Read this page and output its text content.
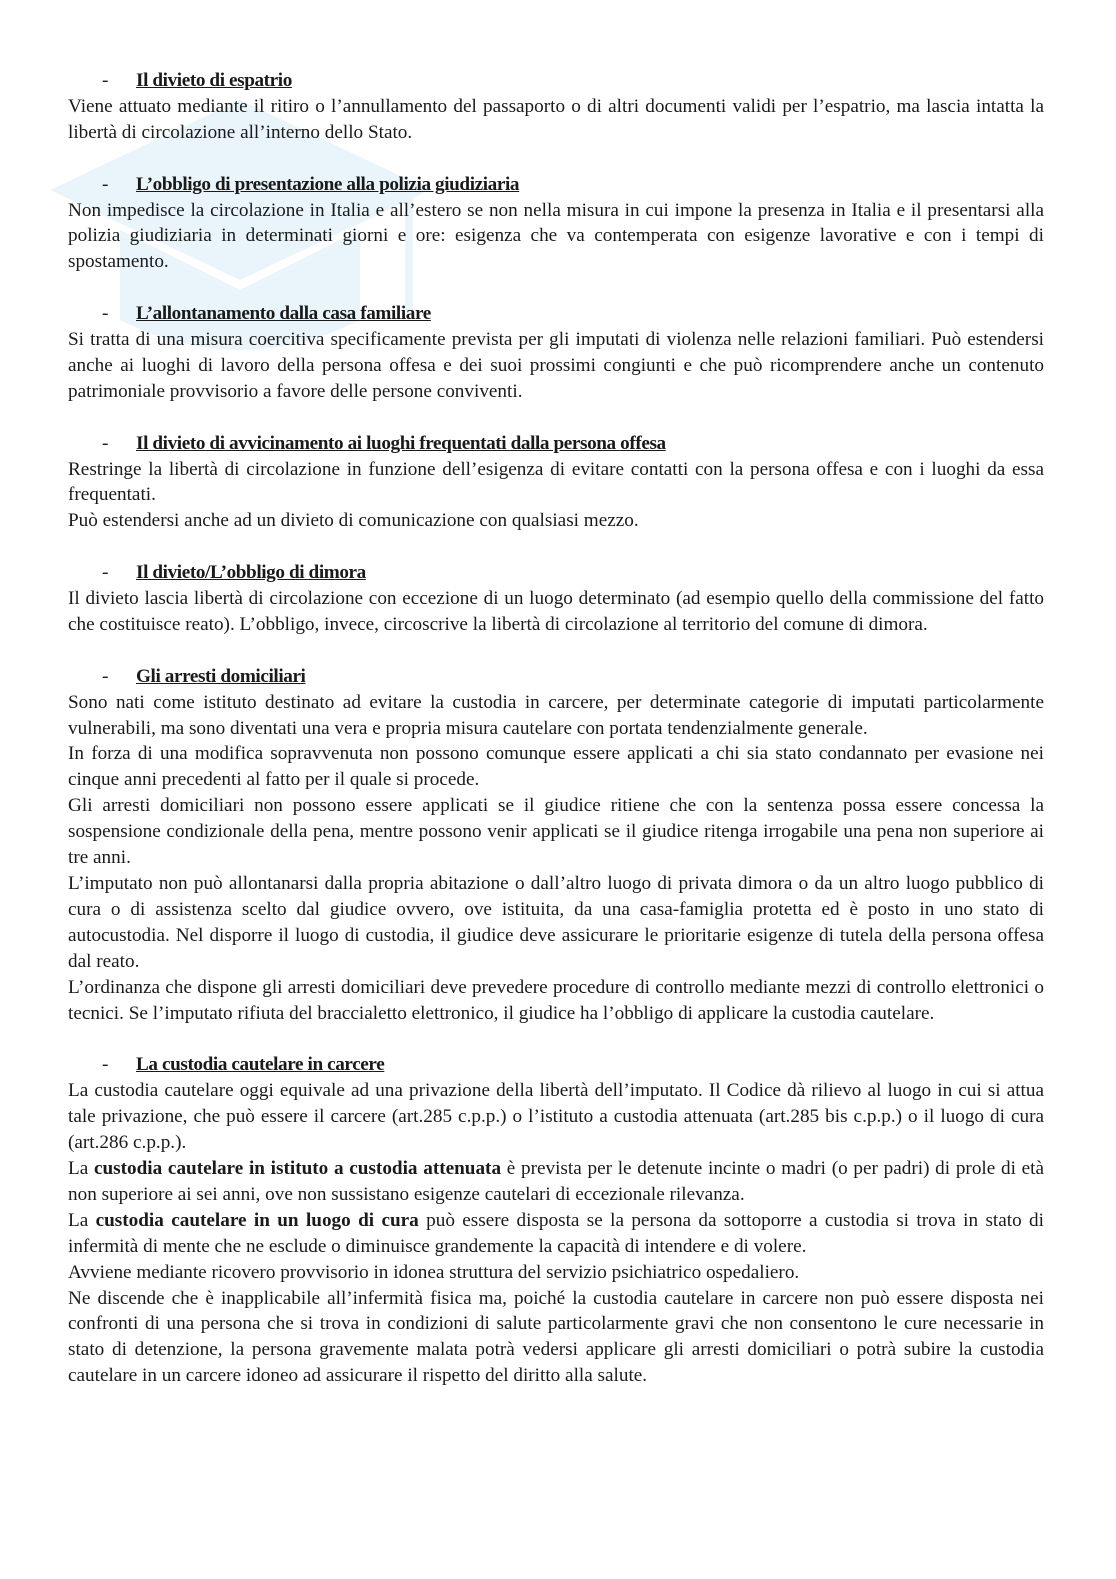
- Il divieto di espatrio

Viene attuato mediante il ritiro o l’annullamento del passaporto o di altri documenti validi per l’espatrio, ma lascia intatta la libertà di circolazione all’interno dello Stato.

- L’obbligo di presentazione alla polizia giudiziaria

Non impedisce la circolazione in Italia e all’estero se non nella misura in cui impone la presenza in Italia e il presentarsi alla polizia giudiziaria in determinati giorni e ore: esigenza che va contemperata con esigenze lavorative e con i tempi di spostamento.

- L’allontanamento dalla casa familiare

Si tratta di una misura coercitiva specificamente prevista per gli imputati di violenza nelle relazioni familiari. Può estendersi anche ai luoghi di lavoro della persona offesa e dei suoi prossimi congiunti e che può ricomprendere anche un contenuto patrimoniale provvisorio a favore delle persone conviventi.

- Il divieto di avvicinamento ai luoghi frequentati dalla persona offesa

Restringe la libertà di circolazione in funzione dell’esigenza di evitare contatti con la persona offesa e con i luoghi da essa frequentati.

Può estendersi anche ad un divieto di comunicazione con qualsiasi mezzo.

- Il divieto/L’obbligo di dimora

Il divieto lascia libertà di circolazione con eccezione di un luogo determinato (ad esempio quello della commissione del fatto che costituisce reato). L’obbligo, invece, circoscrive la libertà di circolazione al territorio del comune di dimora.

- Gli arresti domiciliari

Sono nati come istituto destinato ad evitare la custodia in carcere, per determinate categorie di imputati particolarmente vulnerabili, ma sono diventati una vera e propria misura cautelare con portata tendenzialmente generale.

In forza di una modifica sopravvenuta non possono comunque essere applicati a chi sia stato condannato per evasione nei cinque anni precedenti al fatto per il quale si procede.

Gli arresti domiciliari non possono essere applicati se il giudice ritiene che con la sentenza possa essere concessa la sospensione condizionale della pena, mentre possono venir applicati se il giudice ritenga irrogabile una pena non superiore ai tre anni.

L’imputato non può allontanarsi dalla propria abitazione o dall’altro luogo di privata dimora o da un altro luogo pubblico di cura o di assistenza scelto dal giudice ovvero, ove istituita, da una casa-famiglia protetta ed è posto in uno stato di autocustodia. Nel disporre il luogo di custodia, il giudice deve assicurare le prioritarie esigenze di tutela della persona offesa dal reato.

L’ordinanza che dispone gli arresti domiciliari deve prevedere procedure di controllo mediante mezzi di controllo elettronici o tecnici. Se l’imputato rifiuta del braccialetto elettronico, il giudice ha l’obbligo di applicare la custodia cautelare.

- La custodia cautelare in carcere

La custodia cautelare oggi equivale ad una privazione della libertà dell’imputato. Il Codice dà rilievo al luogo in cui si attua tale privazione, che può essere il carcere (art.285 c.p.p.) o l’istituto a custodia attenuata (art.285 bis c.p.p.) o il luogo di cura (art.286 c.p.p.).

La custodia cautelare in istituto a custodia attenuata è prevista per le detenute incinte o madri (o per padri) di prole di età non superiore ai sei anni, ove non sussistano esigenze cautelari di eccezionale rilevanza.

La custodia cautelare in un luogo di cura può essere disposta se la persona da sottoporre a custodia si trova in stato di infermità di mente che ne esclude o diminuisce grandemente la capacità di intendere e di volere.

Avviene mediante ricovero provvisorio in idonea struttura del servizio psichiatrico ospedaliero.

Ne discende che è inapplicabile all’infermità fisica ma, poiché la custodia cautelare in carcere non può essere disposta nei confronti di una persona che si trova in condizioni di salute particolarmente gravi che non consentono le cure necessarie in stato di detenzione, la persona gravemente malata potrà vedersi applicare gli arresti domiciliari o potrà subire la custodia cautelare in un carcere idoneo ad assicurare il rispetto del diritto alla salute.
